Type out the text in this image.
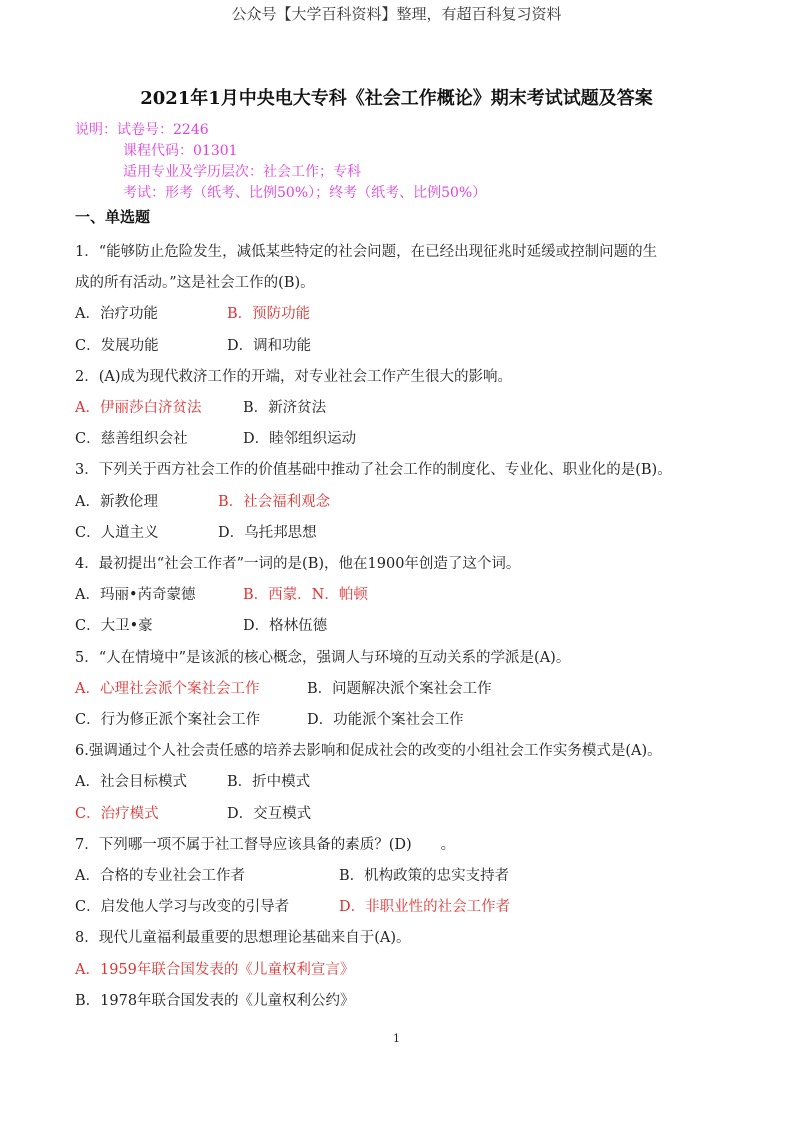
公众号【大学百科资料】整理，有超百科复习资料
2021年1月中央电大专科《社会工作概论》期末考试试题及答案
说明：试卷号：2246
课程代码：01301
适用专业及学历层次：社会工作；专科
考试：形考（纸考、比例50%）；终考（纸考、比例50%）
一、单选题
1．“能够防止危险发生，减低某些特定的社会问题，在已经出现征兆时延缓或控制问题的生
成的所有活动。”这是社会工作的(B)。
A．治疗功能	B．预防功能
C．发展功能	D．调和功能
2．(A)成为现代救济工作的开端，对专业社会工作产生很大的影响。
A．伊丽莎白济贫法	B．新济贫法
C．慈善组织会社	D．睦邻组织运动
3．下列关于西方社会工作的价值基础中推动了社会工作的制度化、专业化、职业化的是(B)。
A．新教伦理	B．社会福利观念
C．人道主义	D．乌托邦思想
4．最初提出“社会工作者”一词的是(B)，他在1900年创造了这个词。
A．玛丽•芮奇蒙德	B．西蒙．N．帕顿
C．大卫•豪	D．格林伍德
5．“人在情境中”是该派的核心概念，强调人与环境的互动关系的学派是(A)。
A．心理社会派个案社会工作	B．问题解决派个案社会工作
C．行为修正派个案社会工作	D．功能派个案社会工作
6.强调通过个人社会责任感的培养去影响和促成社会的改变的小组社会工作实务模式是(A)。
A．社会目标模式	B．折中模式
C．治疗模式	D．交互模式
7．下列哪一项不属于社工督导应该具备的素质？(D)　　。
A．合格的专业社会工作者	B．机构政策的忠实支持者
C．启发他人学习与改变的引导者	D．非职业性的社会工作者
8．现代儿童福利最重要的思想理论基础来自于(A)。
A．1959年联合国发表的《儿童权利宣言》
B．1978年联合国发表的《儿童权利公约》
1
